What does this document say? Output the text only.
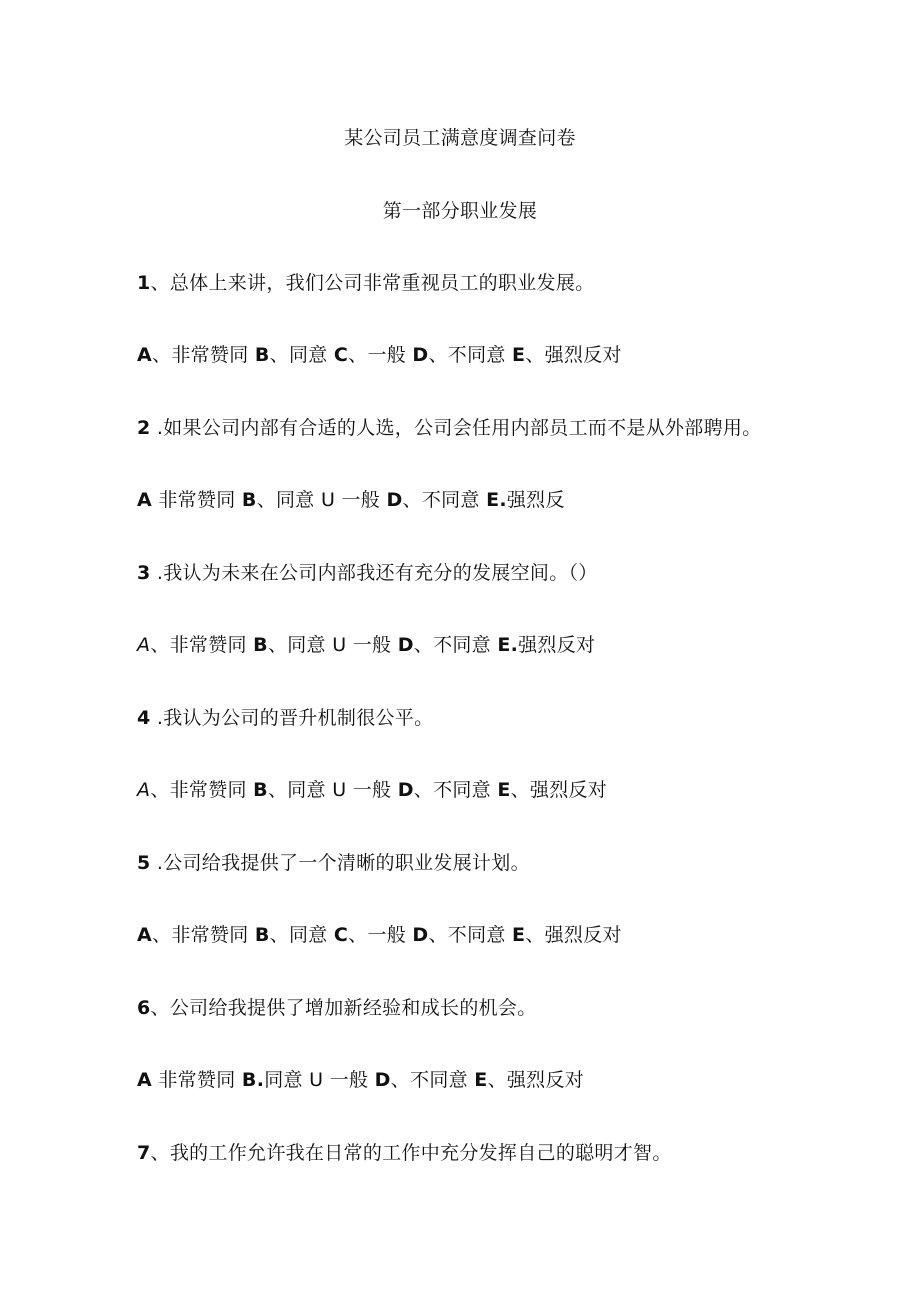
某公司员工满意度调查问卷
第一部分职业发展
1、总体上来讲，我们公司非常重视员工的职业发展。
A、非常赞同 B、同意 C、一般 D、不同意 E、强烈反对
2 .如果公司内部有合适的人选，公司会任用内部员工而不是从外部聘用。
A 非常赞同 B、同意 U 一般 D、不同意 E.强烈反
3 .我认为未来在公司内部我还有充分的发展空间。（）
A、非常赞同 B、同意 U 一般 D、不同意 E.强烈反对
4 .我认为公司的晋升机制很公平。
A、非常赞同 B、同意 U 一般 D、不同意 E、强烈反对
5 .公司给我提供了一个清晰的职业发展计划。
A、非常赞同 B、同意 C、一般 D、不同意 E、强烈反对
6、公司给我提供了增加新经验和成长的机会。
A 非常赞同 B.同意 U 一般 D、不同意 E、强烈反对
7、我的工作允许我在日常的工作中充分发挥自己的聪明才智。
